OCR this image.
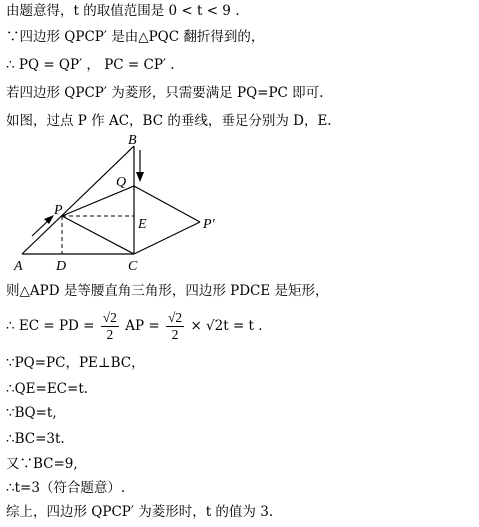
由题意得，t 的取值范围是 0 < t < 9 .
∵四边形 QPCP′ 是由△PQC 翻折得到的，
∴ PQ = QP′ ， PC = CP′ .
若四边形 QPCP′ 为菱形，只需要满足 PQ=PC 即可.
如图，过点 P 作 AC，BC 的垂线，垂足分别为 D，E.
A D	C
B
Q
P
E	P′
则△APD 是等腰直角三角形，四边形 PDCE 是矩形，
∴ EC = PD = $\frac{√2}{2}$ AP = $\frac{√2}{2} \times √2t = t$ .
∵PQ=PC，PE⊥BC，
∴QE=EC=t.
∵BQ=t,
∴BC=3t.
又∵BC=9,
∴t=3（符合题意）.
综上，四边形 QPCP′ 为菱形时，t 的值为 3.
